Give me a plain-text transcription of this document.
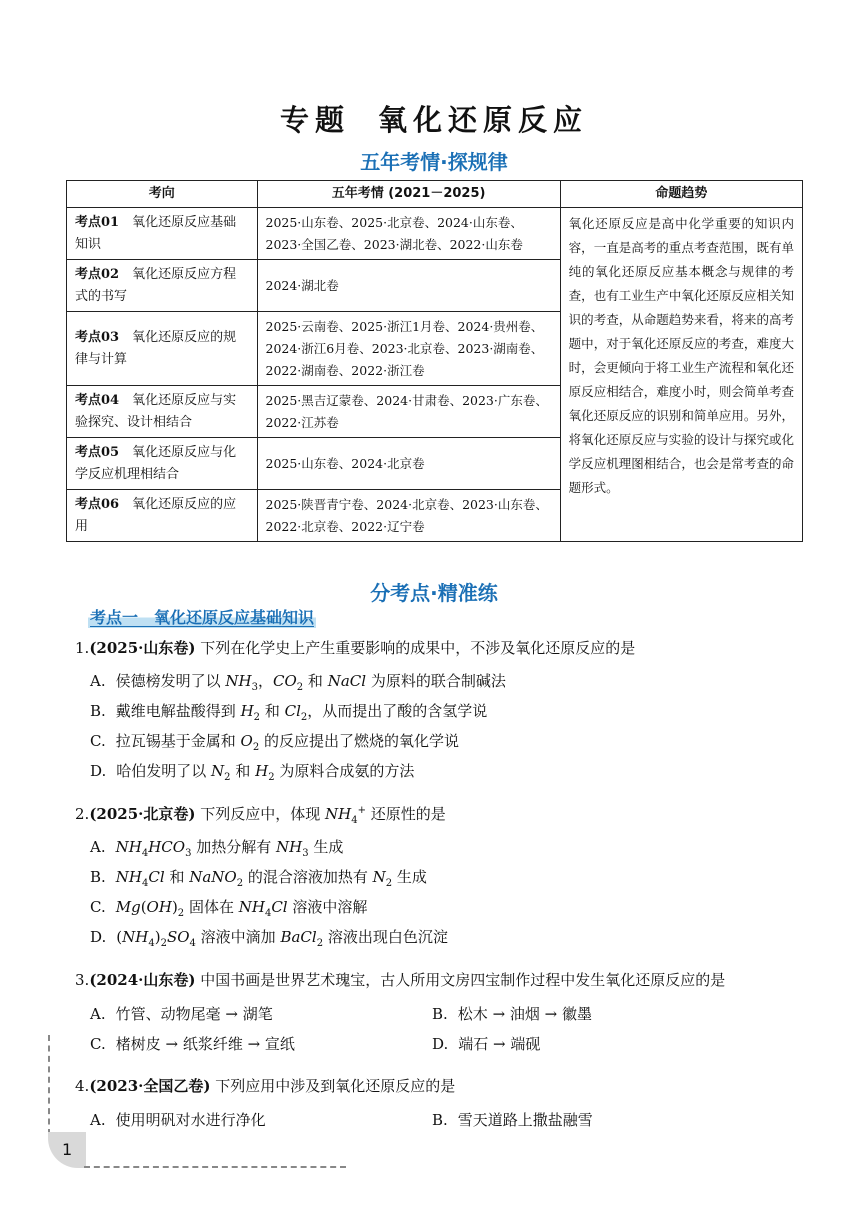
专题 氧化还原反应
五年考情·探规律
考向	五年考情 (2021－2025)	命题趋势
考点01　 氧化还原反应基础知识	2025·山东卷、2025·北京卷、2024·山东卷、2023·全国乙卷、2023·湖北卷、2022·山东卷	氧化还原反应是高中化学重要的知识内容，一直是高考的重点考查范围，既有单纯的氧化还原反应基本概念与规律的考查，也有工业生产中氧化还原反应相关知识的考查，从命题趋势来看，将来的高考题中，对于氧化还原反应的考查，难度大时，会更倾向于将工业生产流程和氧化还原反应相结合，难度小时，则会简单考查氧化还原反应的识别和简单应用。另外，将氧化还原反应与实验的设计与探究或化学反应机理图相结合，也会是常考查的命题形式。
考点02　 氧化还原反应方程式的书写	2024·湖北卷	
考点03　 氧化还原反应的规律与计算	2025·云南卷、2025·浙江1月卷、2024·贵州卷、2024·浙江6月卷、2023·北京卷、2023·湖南卷、2022·湖南卷、2022·浙江卷	
考点04　 氧化还原反应与实验探究、设计相结合	2025·黑吉辽蒙卷、2024·甘肃卷、2023·广东卷、2022·江苏卷	
考点05　 氧化还原反应与化学反应机理相结合	2025·山东卷、2024·北京卷	
考点06　 氧化还原反应的应用	2025·陕晋青宁卷、2024·北京卷、2023·山东卷、2022·北京卷、2022·辽宁卷	
分考点·精准练
考点一　氧化还原反应基础知识
1.(2025·山东卷) 下列在化学史上产生重要影响的成果中，不涉及氧化还原反应的是
A. 侯德榜发明了以 $NH_3$，$CO_2$ 和 NaCl 为原料的联合制碱法
B. 戴维电解盐酸得到 $H_2$ 和 $Cl_2$，从而提出了酸的含氢学说
C. 拉瓦锡基于金属和 $O_2$ 的反应提出了燃烧的氧化学说
D. 哈伯发明了以 $N_2$ 和 $H_2$ 为原料合成氨的方法
2.(2025·北京卷) 下列反应中，体现 $NH_4^+$ 还原性的是
A. $NH_4HCO_3$ 加热分解有 $NH_3$ 生成
B. $NH_4Cl$ 和 NaNO$_2$ 的混合溶液加热有 $N_2$ 生成
C. $Mg(OH)_2$ 固体在 $NH_4Cl$ 溶液中溶解
D. $(NH_4)_2SO_4$ 溶液中滴加 BaCl$_2$ 溶液出现白色沉淀
3.(2024·山东卷) 中国书画是世界艺术瑰宝，古人所用文房四宝制作过程中发生氧化还原反应的是
A. 竹管、动物尾毫 → 湖笔	B. 松木 → 油烟 → 徽墨
C. 楮树皮 → 纸浆纤维 → 宣纸	D. 端石 → 端砚
4.(2023·全国乙卷) 下列应用中涉及到氧化还原反应的是
A. 使用明矾对水进行净化	B. 雪天道路上撒盐融雪
1
